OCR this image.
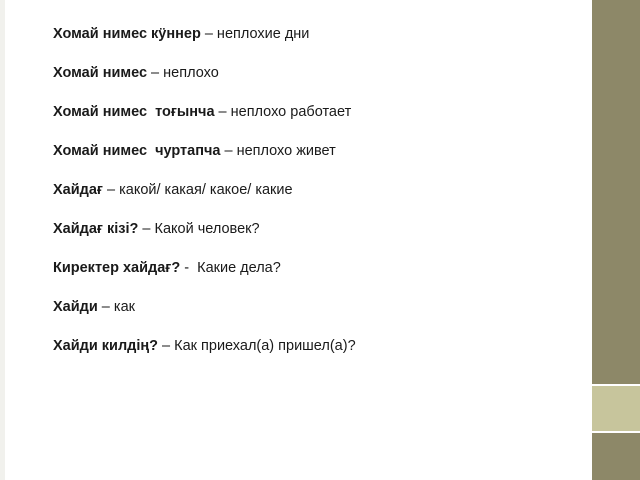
Хомай нимес кӱннер – неплохие дни
Хомай нимес – неплохо
Хомай нимес  тоғынча – неплохо работает
Хомай нимес  чуртапча – неплохо живет
Хайдағ – какой/ какая/ какое/ какие
Хайдағ кізі? – Какой человек?
Киректер хайдағ? -  Какие дела?
Хайди – как
Хайди килдің? – Как приехал(а) пришел(а)?
